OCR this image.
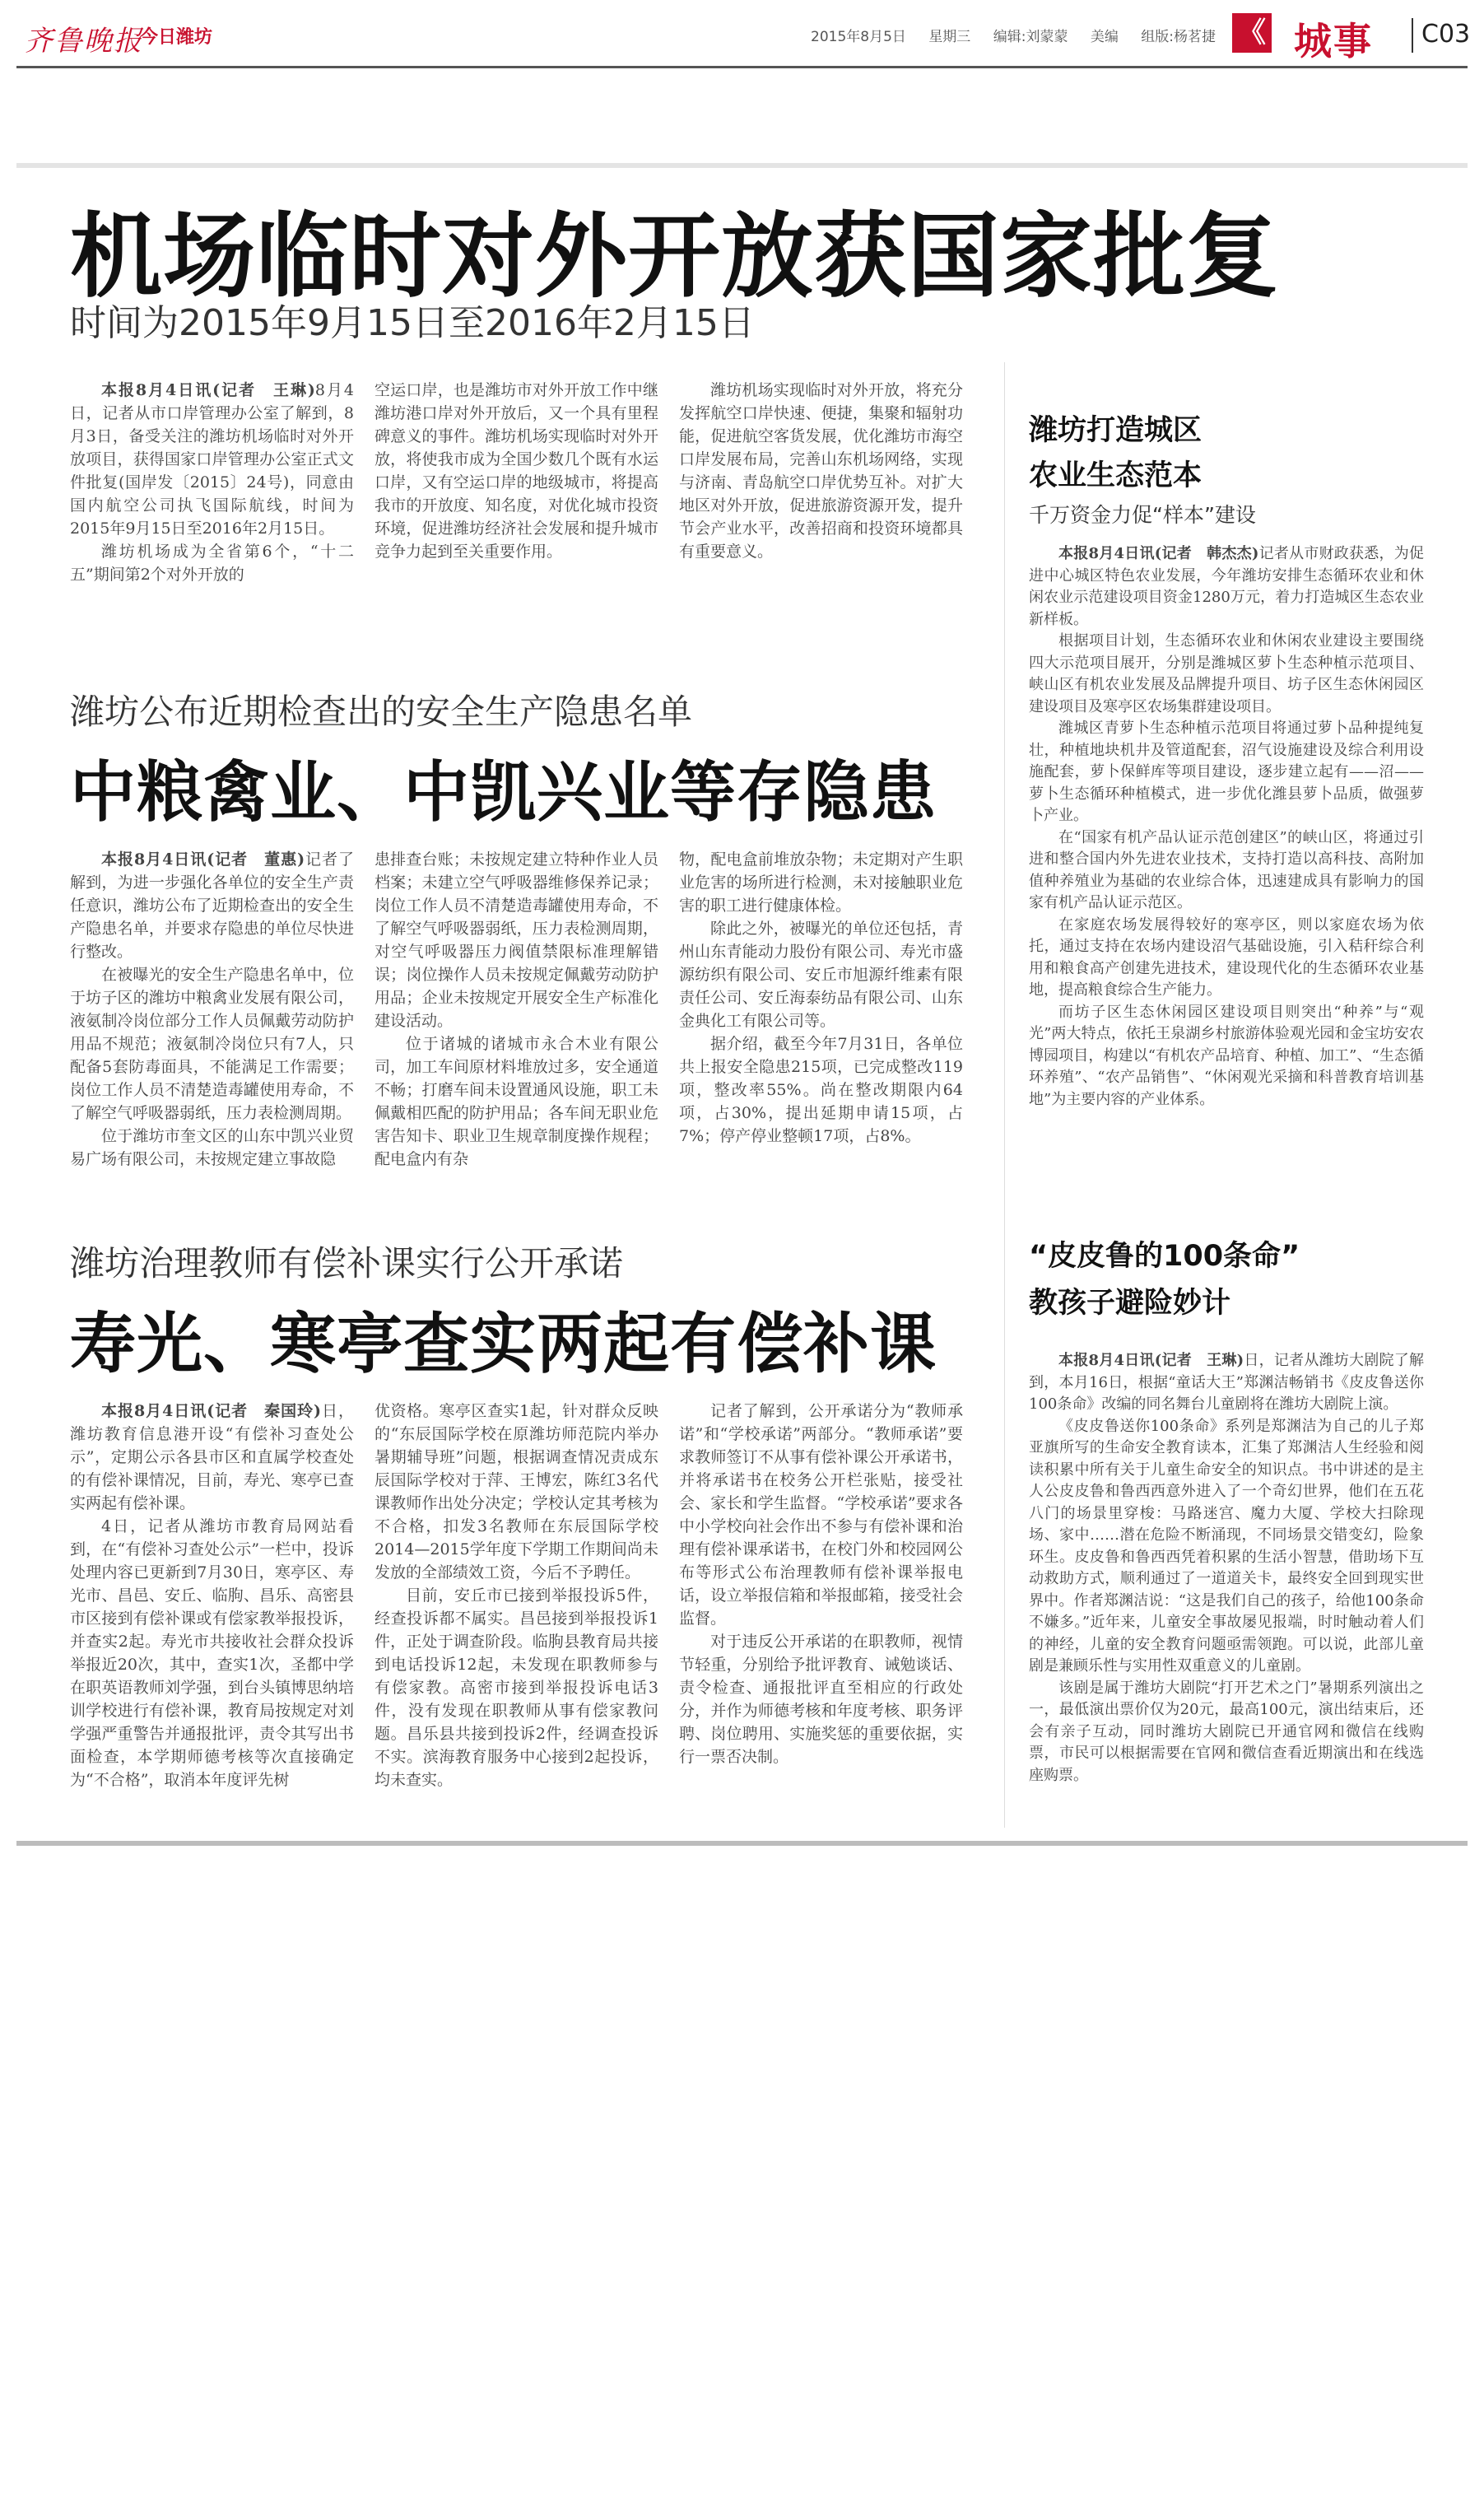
齐鲁晚报
今日潍坊	2015年8月5日 星期三 编辑:刘蒙蒙 美编 组版:杨茗捷 《 城事 C03
机场临时对外开放获国家批复
时间为2015年9月15日至2016年2月15日

本报8月4日讯(记者　王琳)8月4日，记者从市口岸管理办公室了解到，8月3日，备受关注的潍坊机场临时对外开放项目，获得国家口岸管理办公室正式文件批复(国岸发〔2015〕24号)，同意由国内航空公司执飞国际航线，时间为2015年9月15日至2016年2月15日。

潍坊机场成为全省第6个，“十二五”期间第2个对外开放的

空运口岸，也是潍坊市对外开放工作中继潍坊港口岸对外开放后，又一个具有里程碑意义的事件。潍坊机场实现临时对外开放，将使我市成为全国少数几个既有水运口岸，又有空运口岸的地级城市，将提高我市的开放度、知名度，对优化城市投资环境，促进潍坊经济社会发展和提升城市竞争力起到至关重要作用。

潍坊机场实现临时对外开放，将充分发挥航空口岸快速、便捷，集聚和辐射功能，促进航空客货发展，优化潍坊市海空口岸发展布局，完善山东机场网络，实现与济南、青岛航空口岸优势互补。对扩大地区对外开放，促进旅游资源开发，提升节会产业水平，改善招商和投资环境都具有重要意义。

潍坊公布近期检查出的安全生产隐患名单
中粮禽业、中凯兴业等存隐患

本报8月4日讯(记者　董惠)记者了解到，为进一步强化各单位的安全生产责任意识，潍坊公布了近期检查出的安全生产隐患名单，并要求存隐患的单位尽快进行整改。

在被曝光的安全生产隐患名单中，位于坊子区的潍坊中粮禽业发展有限公司，液氨制冷岗位部分工作人员佩戴劳动防护用品不规范；液氨制冷岗位只有7人，只配备5套防毒面具，不能满足工作需要；岗位工作人员不清楚造毒罐使用寿命，不了解空气呼吸器弱纸，压力表检测周期。

位于潍坊市奎文区的山东中凯兴业贸易广场有限公司，未按规定建立事故隐

患排查台账；未按规定建立特种作业人员档案；未建立空气呼吸器维修保养记录；岗位工作人员不清楚造毒罐使用寿命，不了解空气呼吸器弱纸，压力表检测周期，对空气呼吸器压力阀值禁限标准理解错误；岗位操作人员未按规定佩戴劳动防护用品；企业未按规定开展安全生产标准化建设活动。

位于诸城的诸城市永合木业有限公司，加工车间原材料堆放过多，安全通道不畅；打磨车间未设置通风设施，职工未佩戴相匹配的防护用品；各车间无职业危害告知卡、职业卫生规章制度操作规程；配电盒内有杂

物，配电盒前堆放杂物；未定期对产生职业危害的场所进行检测，未对接触职业危害的职工进行健康体检。

除此之外，被曝光的单位还包括，青州山东青能动力股份有限公司、寿光市盛源纺织有限公司、安丘市旭源纤维素有限责任公司、安丘海泰纺品有限公司、山东金典化工有限公司等。

据介绍，截至今年7月31日，各单位共上报安全隐患215项，已完成整改119项，整改率55%。尚在整改期限内64项，占30%，提出延期申请15项，占7%；停产停业整顿17项，占8%。

潍坊治理教师有偿补课实行公开承诺
寿光、寒亭查实两起有偿补课

本报8月4日讯(记者　秦国玲)日，潍坊教育信息港开设“有偿补习查处公示”，定期公示各县市区和直属学校查处的有偿补课情况，目前，寿光、寒亭已查实两起有偿补课。

4日，记者从潍坊市教育局网站看到，在“有偿补习查处公示”一栏中，投诉处理内容已更新到7月30日，寒亭区、寿光市、昌邑、安丘、临朐、昌乐、高密县市区接到有偿补课或有偿家教举报投诉，并查实2起。寿光市共接收社会群众投诉举报近20次，其中，查实1次，圣都中学在职英语教师刘学强，到台头镇博思纳培训学校进行有偿补课，教育局按规定对刘学强严重警告并通报批评，责令其写出书面检查，本学期师德考核等次直接确定为“不合格”，取消本年度评先树

优资格。寒亭区查实1起，针对群众反映的“东辰国际学校在原潍坊师范院内举办暑期辅导班”问题，根据调查情况责成东辰国际学校对于萍、王博宏，陈红3名代课教师作出处分决定；学校认定其考核为不合格，扣发3名教师在东辰国际学校2014—2015学年度下学期工作期间尚未发放的全部绩效工资，今后不予聘任。

目前，安丘市已接到举报投诉5件，经查投诉都不属实。昌邑接到举报投诉1件，正处于调查阶段。临朐县教育局共接到电话投诉12起，未发现在职教师参与有偿家教。高密市接到举报投诉电话3件，没有发现在职教师从事有偿家教问题。昌乐县共接到投诉2件，经调查投诉不实。滨海教育服务中心接到2起投诉，均未查实。

记者了解到，公开承诺分为“教师承诺”和“学校承诺”两部分。“教师承诺”要求教师签订不从事有偿补课公开承诺书，并将承诺书在校务公开栏张贴，接受社会、家长和学生监督。“学校承诺”要求各中小学校向社会作出不参与有偿补课和治理有偿补课承诺书，在校门外和校园网公布等形式公布治理教师有偿补课举报电话，设立举报信箱和举报邮箱，接受社会监督。

对于违反公开承诺的在职教师，视情节轻重，分别给予批评教育、诫勉谈话、责令检查、通报批评直至相应的行政处分，并作为师德考核和年度考核、职务评聘、岗位聘用、实施奖惩的重要依据，实行一票否决制。

潍坊打造城区
农业生态范本
千万资金力促“样本”建设

本报8月4日讯(记者　韩杰杰)记者从市财政获悉，为促进中心城区特色农业发展，今年潍坊安排生态循环农业和休闲农业示范建设项目资金1280万元，着力打造城区生态农业新样板。

根据项目计划，生态循环农业和休闲农业建设主要围绕四大示范项目展开，分别是潍城区萝卜生态种植示范项目、峡山区有机农业发展及品牌提升项目、坊子区生态休闲园区建设项目及寒亭区农场集群建设项目。

潍城区青萝卜生态种植示范项目将通过萝卜品种提纯复壮，种植地块机井及管道配套，沼气设施建设及综合利用设施配套，萝卜保鲜库等项目建设，逐步建立起有——沼——萝卜生态循环种植模式，进一步优化潍县萝卜品质，做强萝卜产业。

在“国家有机产品认证示范创建区”的峡山区，将通过引进和整合国内外先进农业技术，支持打造以高科技、高附加值种养殖业为基础的农业综合体，迅速建成具有影响力的国家有机产品认证示范区。

在家庭农场发展得较好的寒亭区，则以家庭农场为依托，通过支持在农场内建设沼气基础设施，引入秸秆综合利用和粮食高产创建先进技术，建设现代化的生态循环农业基地，提高粮食综合生产能力。

而坊子区生态休闲园区建设项目则突出“种养”与“观光”两大特点，依托王泉湖乡村旅游体验观光园和金宝坊安农博园项目，构建以“有机农产品培育、种植、加工”、“生态循环养殖”、“农产品销售”、“休闲观光采摘和科普教育培训基地”为主要内容的产业体系。

“皮皮鲁的100条命”
教孩子避险妙计

本报8月4日讯(记者　王琳)日，记者从潍坊大剧院了解到，本月16日，根据“童话大王”郑渊洁畅销书《皮皮鲁送你100条命》改编的同名舞台儿童剧将在潍坊大剧院上演。

《皮皮鲁送你100条命》系列是郑渊洁为自己的儿子郑亚旗所写的生命安全教育读本，汇集了郑渊洁人生经验和阅读积累中所有关于儿童生命安全的知识点。书中讲述的是主人公皮皮鲁和鲁西西意外进入了一个奇幻世界，他们在五花八门的场景里穿梭：马路迷宫、魔力大厦、学校大扫除现场、家中……潜在危险不断涌现，不同场景交错变幻，险象环生。皮皮鲁和鲁西西凭着积累的生活小智慧，借助场下互动救助方式，顺利通过了一道道关卡，最终安全回到现实世界中。作者郑渊洁说：“这是我们自己的孩子，给他100条命不嫌多。”近年来，儿童安全事故屡见报端，时时触动着人们的神经，儿童的安全教育问题亟需领跑。可以说，此部儿童剧是兼顾乐性与实用性双重意义的儿童剧。

该剧是属于潍坊大剧院“打开艺术之门”暑期系列演出之一，最低演出票价仅为20元，最高100元，演出结束后，还会有亲子互动，同时潍坊大剧院已开通官网和微信在线购票，市民可以根据需要在官网和微信查看近期演出和在线选座购票。
